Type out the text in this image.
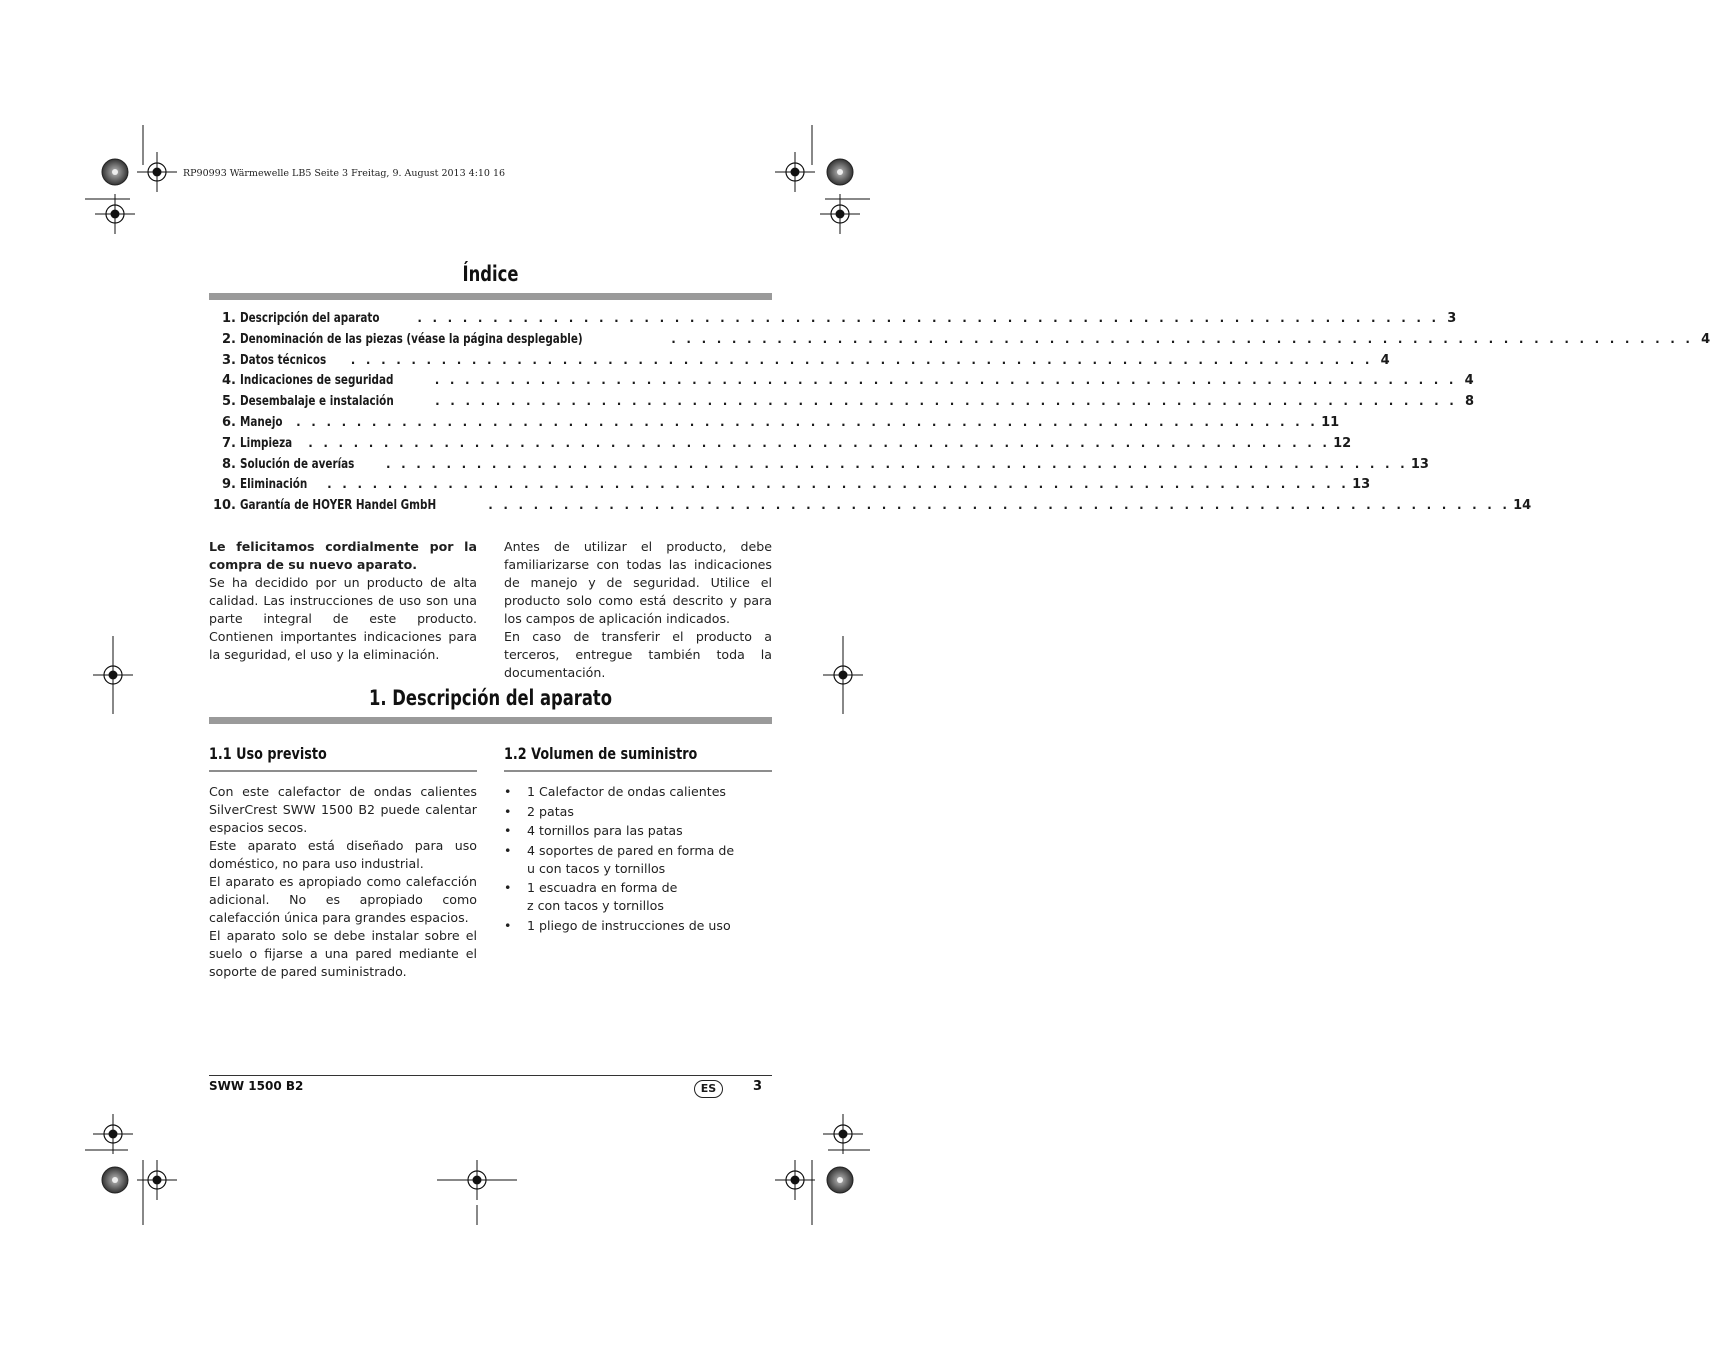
RP90993 Wärmewelle LB5 Seite 3 Freitag, 9. August 2013 4:10 16
Índice
1. Descripción del aparato	. . . . . . . . . . . . . . . . . . . . . . . . . . . . . . . . . . . . . . . . . . . . . . . . . . . . . . . . . . . . . . . . . . . . 3
2. Denominación de las piezas (véase la página desplegable)	. . . . . . . . . . . . . . . . . . . . . . . . . . . . . . . . . . . . . . . . . . . . . . . . . . . . . . . . . . . . . . . . . . . . 4
3. Datos técnicos . . . . . . . . . . . . . . . . . . . . . . . . . . . . . . . . . . . . . . . . . . . . . . . . . . . . . . . . . . . . . . . . . . . . 4
4. Indicaciones de seguridad	. . . . . . . . . . . . . . . . . . . . . . . . . . . . . . . . . . . . . . . . . . . . . . . . . . . . . . . . . . . . . . . . . . . . 4
5. Desembalaje e instalación	. . . . . . . . . . . . . . . . . . . . . . . . . . . . . . . . . . . . . . . . . . . . . . . . . . . . . . . . . . . . . . . . . . . . 8
6. Manejo . . . . . . . . . . . . . . . . . . . . . . . . . . . . . . . . . . . . . . . . . . . . . . . . . . . . . . . . . . . . . . . . . . . . 11
7. Limpieza . . . . . . . . . . . . . . . . . . . . . . . . . . . . . . . . . . . . . . . . . . . . . . . . . . . . . . . . . . . . . . . . . . . . 12
8. Solución de averías	. . . . . . . . . . . . . . . . . . . . . . . . . . . . . . . . . . . . . . . . . . . . . . . . . . . . . . . . . . . . . . . . . . . . 13
9. Eliminación . . . . . . . . . . . . . . . . . . . . . . . . . . . . . . . . . . . . . . . . . . . . . . . . . . . . . . . . . . . . . . . . . . . . 13
10. Garantía de HOYER Handel GmbH	. . . . . . . . . . . . . . . . . . . . . . . . . . . . . . . . . . . . . . . . . . . . . . . . . . . . . . . . . . . . . . . . . . . . 14

Le felicitamos cordialmente por la compra de su nuevo aparato.

Se ha decidido por un producto de alta calidad. Las instrucciones de uso son una parte integral de este producto. Contienen importantes indicaciones para la seguridad, el uso y la eliminación.

Antes de utilizar el producto, debe familiarizarse con todas las indicaciones de manejo y de seguridad. Utilice el producto solo como está descrito y para los campos de aplicación indicados.

En caso de transferir el producto a terceros, entregue también toda la documentación.

1. Descripción del aparato
1.1 Uso previsto	1.2 Volumen de suministro

Con este calefactor de ondas calientes SilverCrest SWW 1500 B2 puede calentar espacios secos.

Este aparato está diseñado para uso doméstico, no para uso industrial.

El aparato es apropiado como calefacción adicional. No es apropiado como calefacción única para grandes espacios.

El aparato solo se debe instalar sobre el suelo o fijarse a una pared mediante el soporte de pared suministrado.

• 1 Calefactor de ondas calientes
• 2 patas
• 4 tornillos para las patas
• 4 soportes de pared en forma de u con tacos y tornillos
• 1 escuadra en forma de z con tacos y tornillos
• 1 pliego de instrucciones de uso
SWW 1500 B2	ES	3
